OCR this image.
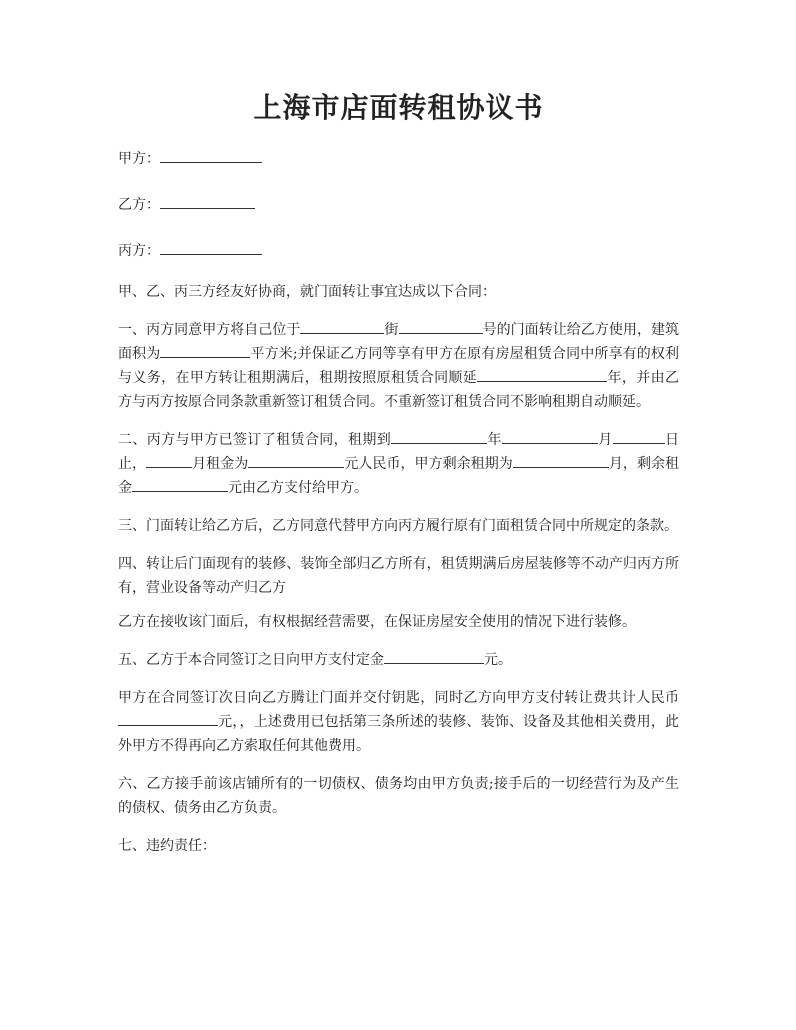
上海市店面转租协议书
甲方：
乙方：
丙方：

甲、乙、丙三方经友好协商，就门面转让事宜达成以下合同：

一、丙方同意甲方将自己位于	街	号的门面转让给乙方使用，建筑面积为	平方米;并保证乙方同等享有甲方在原有房屋租赁合同中所享有的权利与义务，在甲方转让租期满后，租期按照原租赁合同顺延	年，并由乙方与丙方按原合同条款重新签订租赁合同。不重新签订租赁合同不影响租期自动顺延。

二、丙方与甲方已签订了租赁合同，租期到	年	月	日止，	月租金为	元人民币，甲方剩余租期为	月，剩余租金	元由乙方支付给甲方。

三、门面转让给乙方后，乙方同意代替甲方向丙方履行原有门面租赁合同中所规定的条款。

四、转让后门面现有的装修、装饰全部归乙方所有，租赁期满后房屋装修等不动产归丙方所有，营业设备等动产归乙方

乙方在接收该门面后，有权根据经营需要，在保证房屋安全使用的情况下进行装修。

五、乙方于本合同签订之日向甲方支付定金	元。

甲方在合同签订次日向乙方腾让门面并交付钥匙，同时乙方向甲方支付转让费共计人民币元，，上述费用已包括第三条所述的装修、装饰、设备及其他相关费用，此外甲方不得再向乙方索取任何其他费用。

六、乙方接手前该店铺所有的一切债权、债务均由甲方负责;接手后的一切经营行为及产生的债权、债务由乙方负责。

七、违约责任：
